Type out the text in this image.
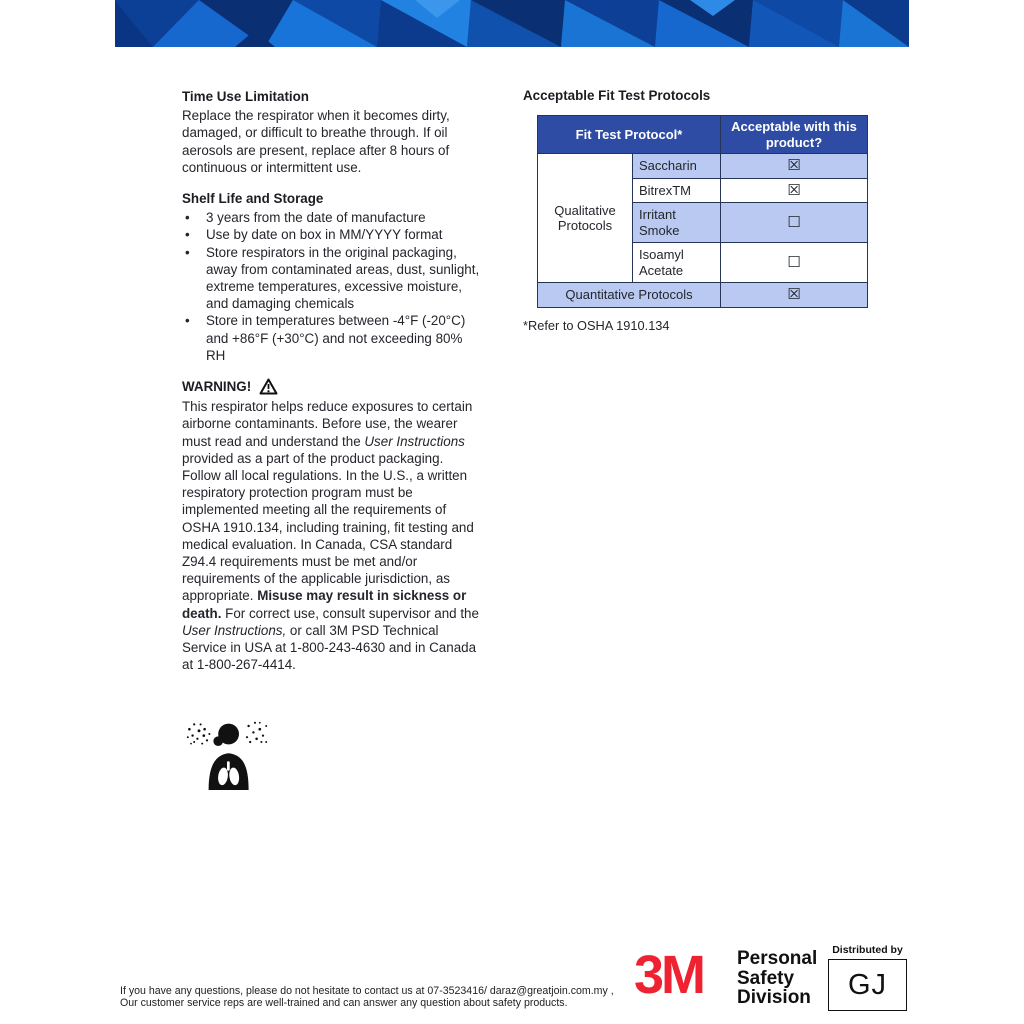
Time Use Limitation

Replace the respirator when it becomes dirty, damaged, or difficult to breathe through. If oil aerosols are present, replace after 8 hours of continuous or intermittent use.

Shelf Life and Storage
• 3 years from the date of manufacture
• Use by date on box in MM/YYYY format
• Store respirators in the original packaging, away from contaminated areas, dust, sunlight, extreme temperatures, excessive moisture, and damaging chemicals
• Store in temperatures between -4°F (-20°C) and +86°F (+30°C) and not exceeding 80% RH
WARNING!

This respirator helps reduce exposures to certain airborne contaminants. Before use, the wearer must read and understand the User Instructions provided as a part of the product packaging. Follow all local regulations. In the U.S., a written respiratory protection program must be implemented meeting all the requirements of OSHA 1910.134, including training, fit testing and medical evaluation. In Canada, CSA standard Z94.4 requirements must be met and/or requirements of the applicable jurisdiction, as appropriate. Misuse may result in sickness or death. For correct use, consult supervisor and the User Instructions, or call 3M PSD Technical Service in USA at 1-800-243-4630 and in Canada at 1-800-267-4414.

Acceptable Fit Test Protocols
Fit Test Protocol*		Acceptable with this product?
Qualitative Protocols	Saccharin	☒
	BitrexTM	☒
	Irritant Smoke	☐
	Isoamyl Acetate	☐
Quantitative Protocols		☒

*Refer to OSHA 1910.134

If you have any questions, please do not hesitate to contact us at 07-3523416/ daraz@greatjoin.com.my ,

Our customer service reps are well-trained and can answer any question about safety products.	3M Personal
Safety
Division
Distributed by
GJ
